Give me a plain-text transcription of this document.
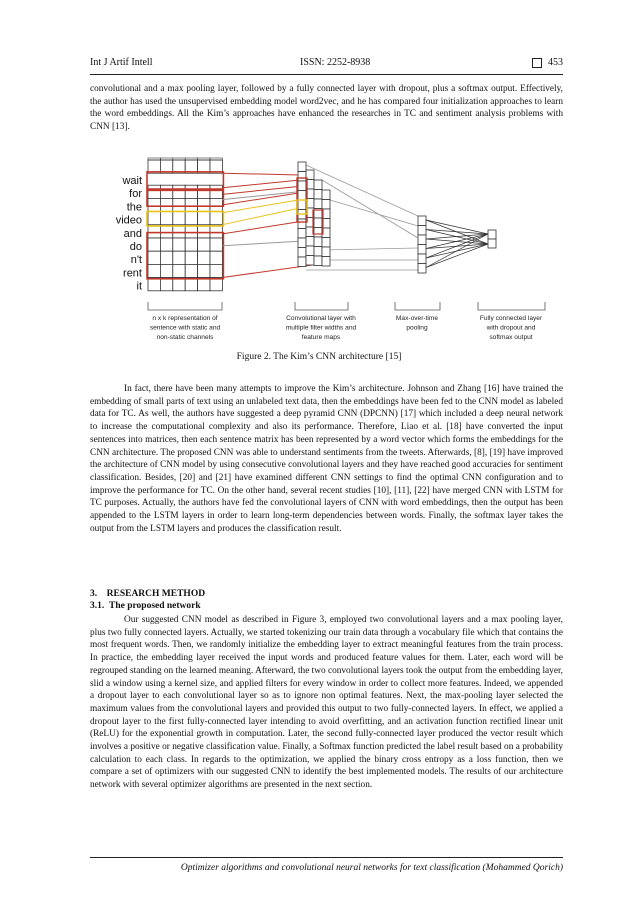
Int J Artif Intell	ISSN: 2252-8938	453

convolutional and a max pooling layer, followed by a fully connected layer with dropout, plus a softmax output. Effectively, the author has used the unsupervised embedding model word2vec, and he has compared four initialization approaches to learn the word embeddings. All the Kim’s approaches have enhanced the researches in TC and sentiment analysis problems with CNN [13].

wait
for
the
video
and
do
n't
rent
it
n x k representation of
sentence with static and
non-static channels
Convolutional layer with
multiple filter widths and
feature maps
Max-over-time
pooling
Fully connected layer
with dropout and
softmax output
Figure 2. The Kim’s CNN architecture [15]

In fact, there have been many attempts to improve the Kim’s architecture. Johnson and Zhang [16] have trained the embedding of small parts of text using an unlabeled text data, then the embeddings have been fed to the CNN model as labeled data for TC. As well, the authors have suggested a deep pyramid CNN (DPCNN) [17] which included a deep neural network to increase the computational complexity and also its performance. Therefore, Liao et al. [18] have converted the input sentences into matrices, then each sentence matrix has been represented by a word vector which forms the embeddings for the CNN architecture. The proposed CNN was able to understand sentiments from the tweets. Afterwards, [8], [19] have improved the architecture of CNN model by using consecutive convolutional layers and they have reached good accuracies for sentiment classification. Besides, [20] and [21] have examined different CNN settings to find the optimal CNN configuration and to improve the performance for TC. On the other hand, several recent studies [10], [11], [22] have merged CNN with LSTM for TC purposes. Actually, the authors have fed the convolutional layers of CNN with word embeddings, then the output has been appended to the LSTM layers in order to learn long-term dependencies between words. Finally, the softmax layer takes the output from the LSTM layers and produces the classification result.

3.    RESEARCH METHOD
3.1.  The proposed network

Our suggested CNN model as described in Figure 3, employed two convolutional layers and a max pooling layer, plus two fully connected layers. Actually, we started tokenizing our train data through a vocabulary file which that contains the most frequent words. Then, we randomly initialize the embedding layer to extract meaningful features from the train process. In practice, the embedding layer received the input words and produced feature values for them. Later, each word will be regrouped standing on the learned meaning. Afterward, the two convolutional layers took the output from the embedding layer, slid a window using a kernel size, and applied filters for every window in order to collect more features. Indeed, we appended a dropout layer to each convolutional layer so as to ignore non optimal features. Next, the max-pooling layer selected the maximum values from the convolutional layers and provided this output to two fully-connected layers. In effect, we applied a dropout layer to the first fully-connected layer intending to avoid overfitting, and an activation function rectified linear unit (ReLU) for the exponential growth in computation. Later, the second fully-connected layer produced the vector result which involves a positive or negative classification value. Finally, a Softmax function predicted the label result based on a probability calculation to each class. In regards to the optimization, we applied the binary cross entropy as a loss function, then we compare a set of optimizers with our suggested CNN to identify the best implemented models. The results of our architecture network with several optimizer algorithms are presented in the next section.

Optimizer algorithms and convolutional neural networks for text classification (Mohammed Qorich)
